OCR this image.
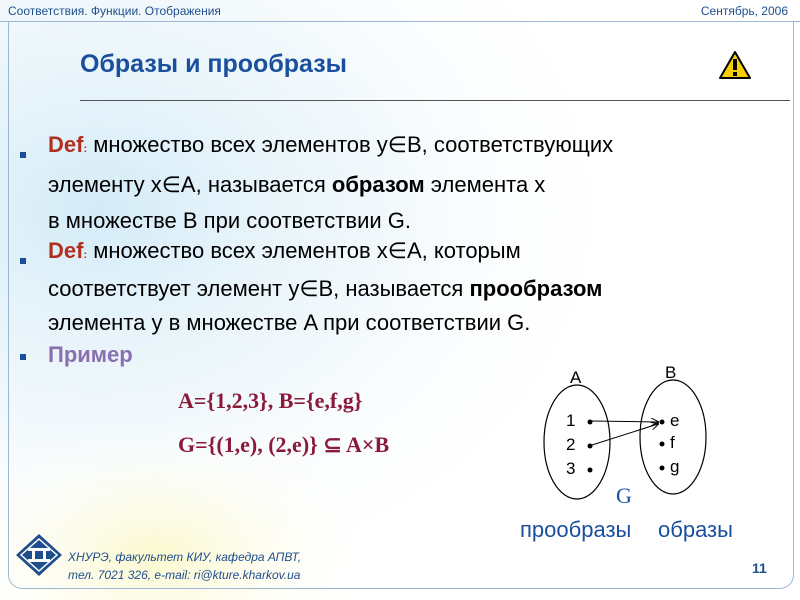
Соответствия. Функции. Отображения	Сентябрь, 2006
Образы и прообразы
Def: множество всех элементов y∈B, соответствующих
элементу x∈A, называется образом элемента x
в множестве B при соответствии G.
Def: множество всех элементов x∈A, которым
соответствует элемент y∈B, называется прообразом
элемента y в множестве A при соответствии G.
Пример
A={1,2,3}, B={e,f,g}
G={(1,e), (2,e)} ⊆ A×B
A	B
1
2
3
e
f
g
G
прообразы образы
ХНУРЭ, факультет КИУ, кафедра АПВТ,
тел. 7021 326, e-mail: ri@kture.kharkov.ua	11
